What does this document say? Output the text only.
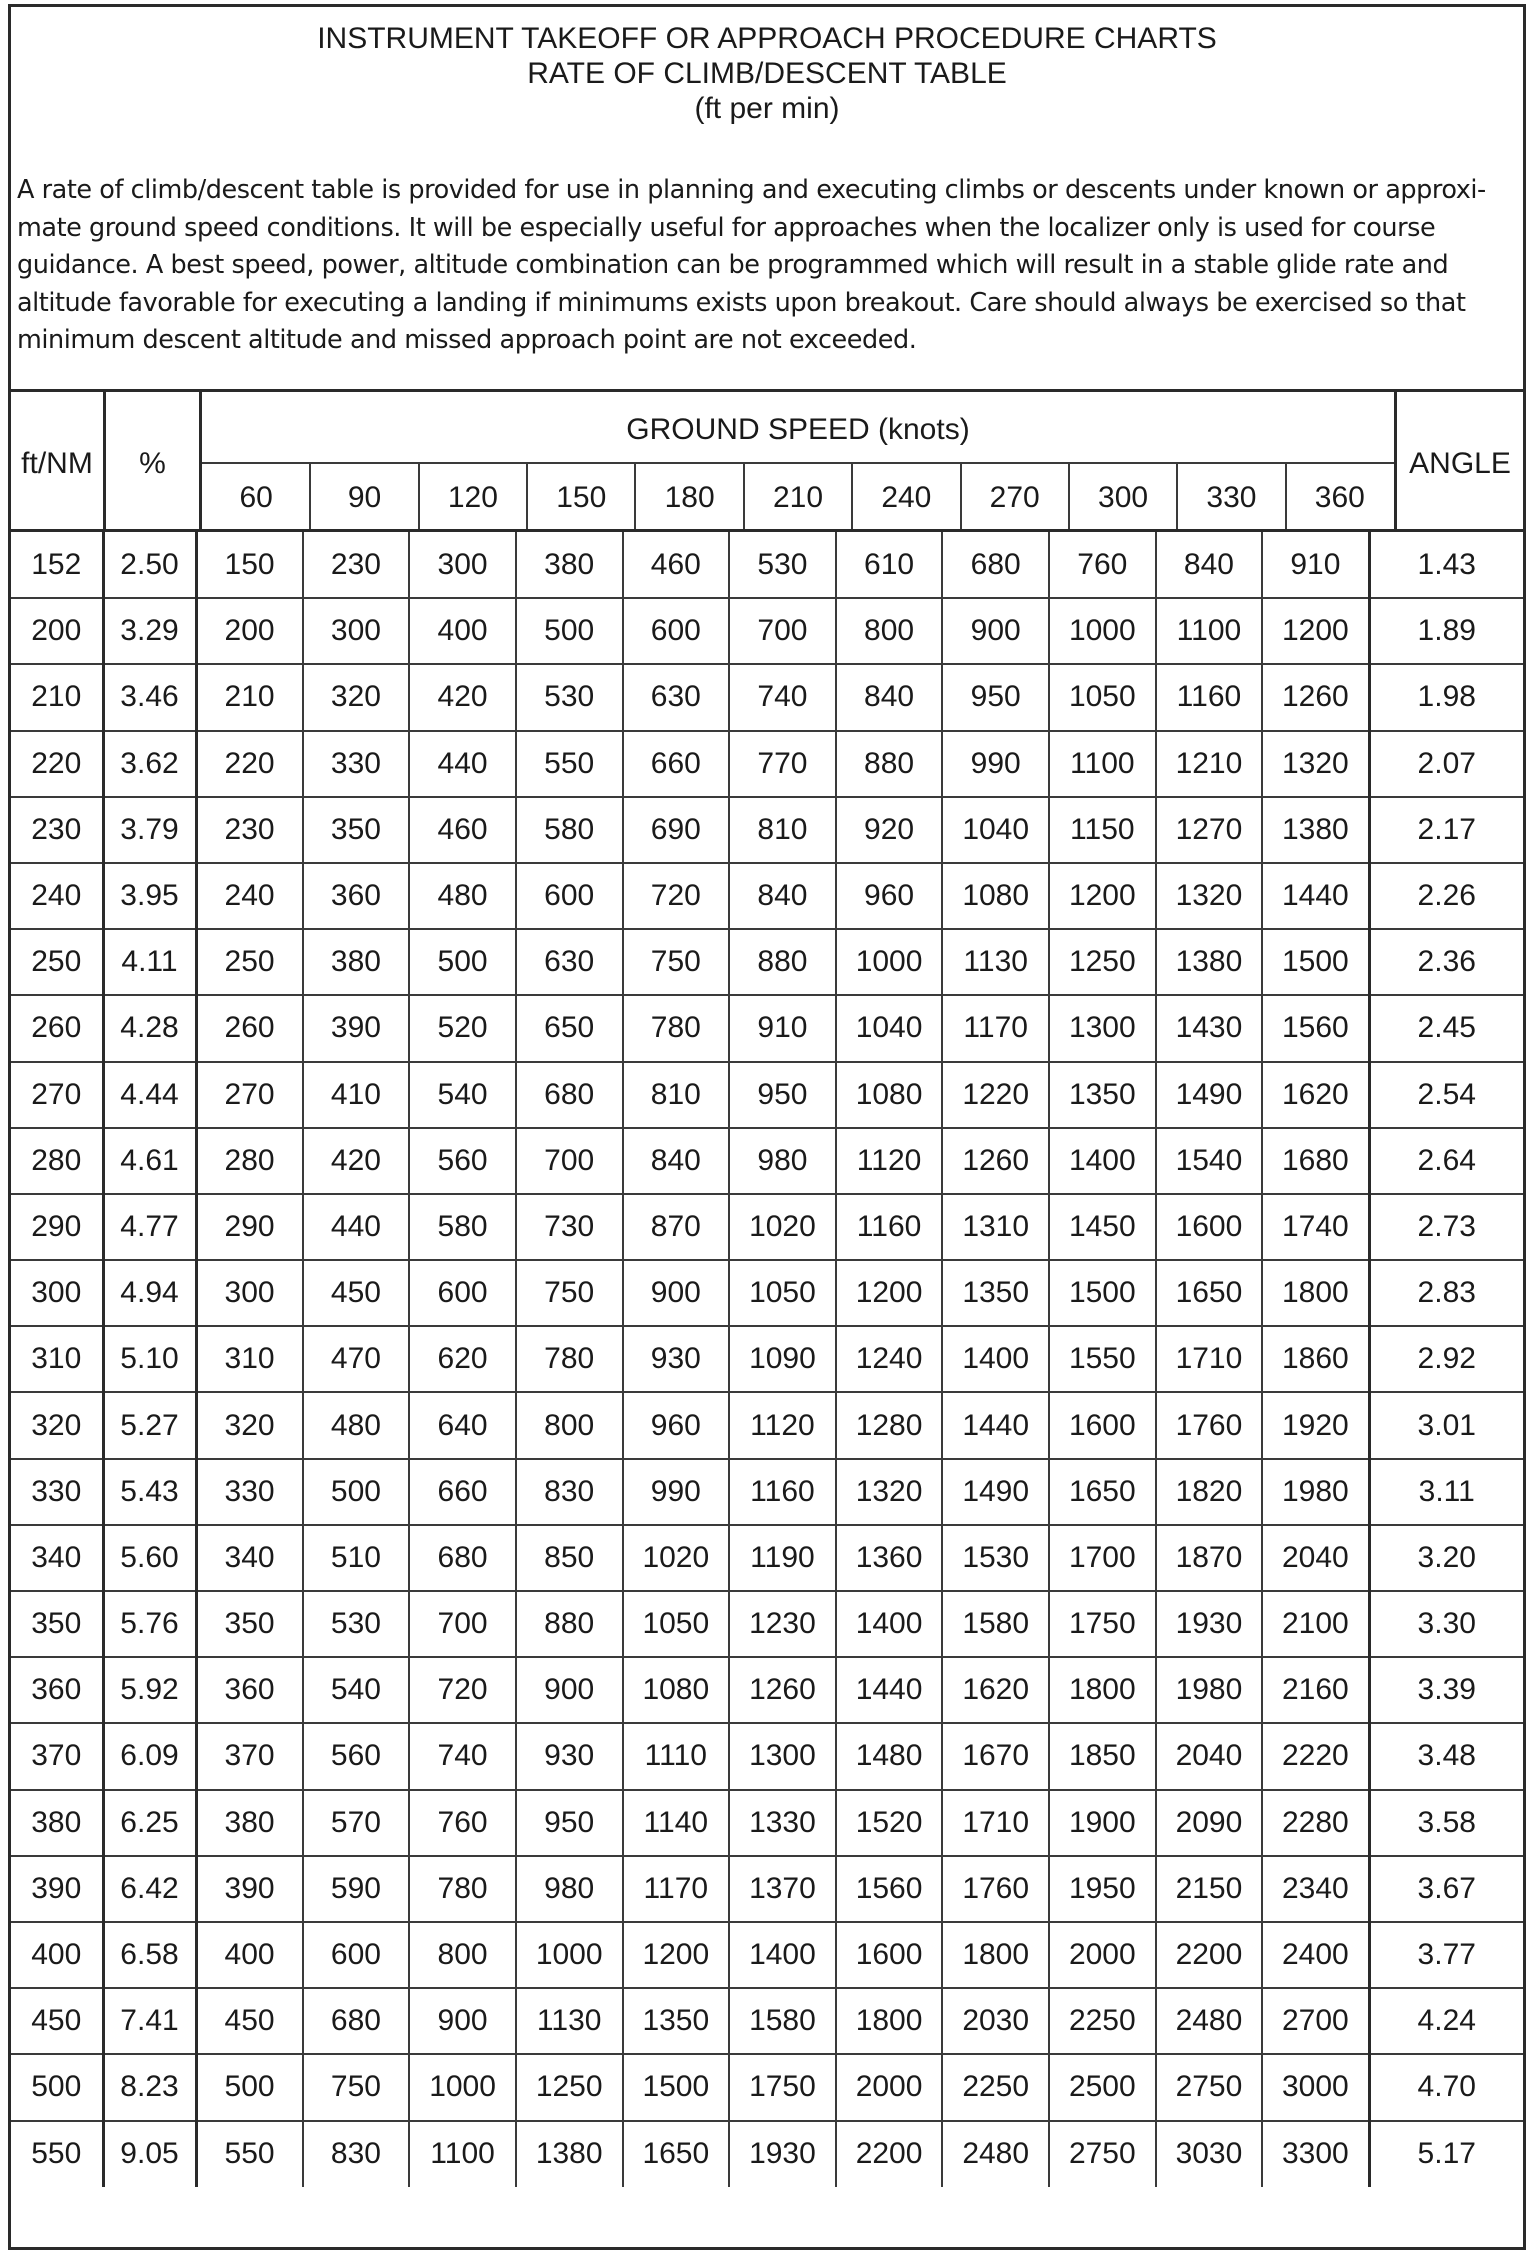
INSTRUMENT TAKEOFF OR APPROACH PROCEDURE CHARTS
RATE OF CLIMB/DESCENT TABLE
(ft per min)
A rate of climb/descent table is provided for use in planning and executing climbs or descents under known or approxi-
mate ground speed conditions. It will be especially useful for approaches when the localizer only is used for course
guidance. A best speed, power, altitude combination can be programmed which will result in a stable glide rate and
altitude favorable for executing a landing if minimums exists upon breakout. Care should always be exercised so that
minimum descent altitude and missed approach point are not exceeded.
ft/NM	%
GROUND SPEED (knots)
ANGLE
60	90	120	150	180	210	240	270	300	330	360
152	2.50	150	230	300	380	460	530	610	680	760	840	910	1.43
200	3.29	200	300	400	500	600	700	800	900	1000	1100	1200	1.89
210	3.46	210	320	420	530	630	740	840	950	1050	1160	1260	1.98
220	3.62	220	330	440	550	660	770	880	990	1100	1210	1320	2.07
230	3.79	230	350	460	580	690	810	920	1040	1150	1270	1380	2.17
240	3.95	240	360	480	600	720	840	960	1080	1200	1320	1440	2.26
250	4.11	250	380	500	630	750	880	1000	1130	1250	1380	1500	2.36
260	4.28	260	390	520	650	780	910	1040	1170	1300	1430	1560	2.45
270	4.44	270	410	540	680	810	950	1080	1220	1350	1490	1620	2.54
280	4.61	280	420	560	700	840	980	1120	1260	1400	1540	1680	2.64
290	4.77	290	440	580	730	870	1020	1160	1310	1450	1600	1740	2.73
300	4.94	300	450	600	750	900	1050	1200	1350	1500	1650	1800	2.83
310	5.10	310	470	620	780	930	1090	1240	1400	1550	1710	1860	2.92
320	5.27	320	480	640	800	960	1120	1280	1440	1600	1760	1920	3.01
330	5.43	330	500	660	830	990	1160	1320	1490	1650	1820	1980	3.11
340	5.60	340	510	680	850	1020	1190	1360	1530	1700	1870	2040	3.20
350	5.76	350	530	700	880	1050	1230	1400	1580	1750	1930	2100	3.30
360	5.92	360	540	720	900	1080	1260	1440	1620	1800	1980	2160	3.39
370	6.09	370	560	740	930	1110	1300	1480	1670	1850	2040	2220	3.48
380	6.25	380	570	760	950	1140	1330	1520	1710	1900	2090	2280	3.58
390	6.42	390	590	780	980	1170	1370	1560	1760	1950	2150	2340	3.67
400	6.58	400	600	800	1000	1200	1400	1600	1800	2000	2200	2400	3.77
450	7.41	450	680	900	1130	1350	1580	1800	2030	2250	2480	2700	4.24
500	8.23	500	750	1000	1250	1500	1750	2000	2250	2500	2750	3000	4.70
550	9.05	550	830	1100	1380	1650	1930	2200	2480	2750	3030	3300	5.17
